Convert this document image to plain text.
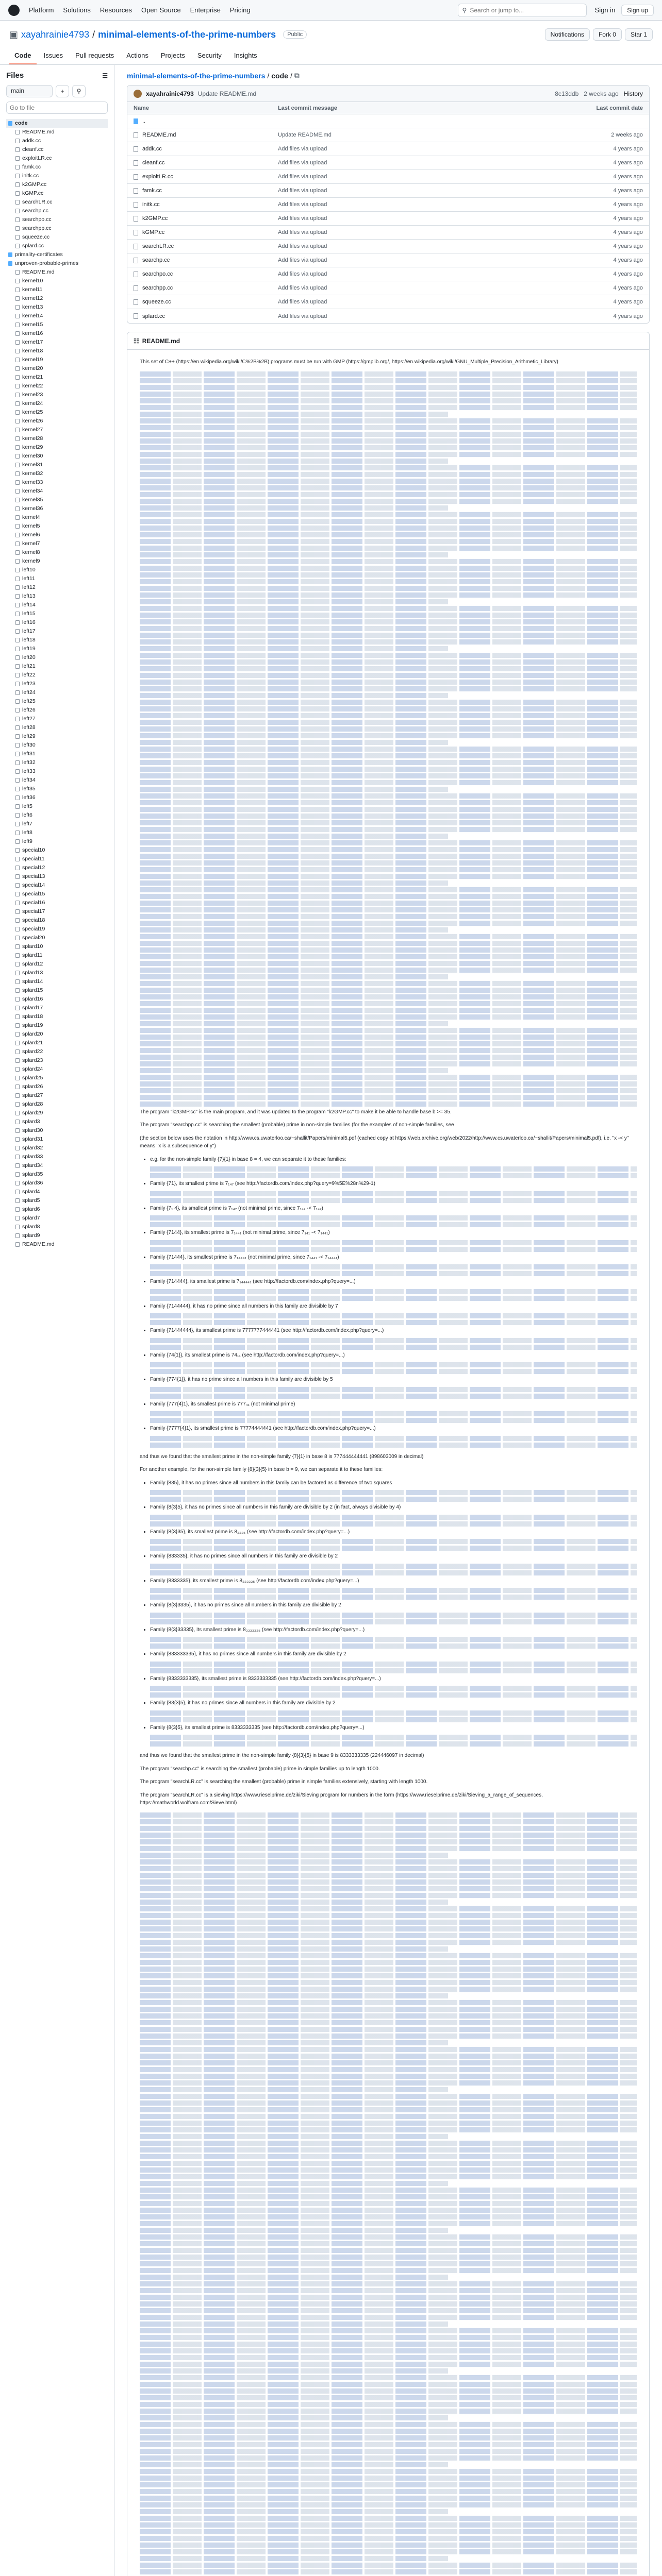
Platform Solutions Resources Open Source Enterprise Pricing	⚲
Search or jump to...	Sign in	Sign up
▣ xayahrainie4793 / minimal-elements-of-the-prime-numbers	Public	Notifications	Fork 0	Star 1
Code	Issues	Pull requests	Actions	Projects	Security	Insights
Files	☰
main	+	⚲
Go to file
code
README.md
addk.cc
cleanf.cc
exploitLR.cc
famk.cc
initk.cc
k2GMP.cc
kGMP.cc
searchLR.cc
searchp.cc
searchpo.cc
searchpp.cc
squeeze.cc
splard.cc
primality-certificates
unproven-probable-primes
README.md
kernel10
kernel11
kernel12
kernel13
kernel14
kernel15
kernel16
kernel17
kernel18
kernel19
kernel20
kernel21
kernel22
kernel23
kernel24
kernel25
kernel26
kernel27
kernel28
kernel29
kernel30
kernel31
kernel32
kernel33
kernel34
kernel35
kernel36
kernel4
kernel5
kernel6
kernel7
kernel8
kernel9
left10
left11
left12
left13
left14
left15
left16
left17
left18
left19
left20
left21
left22
left23
left24
left25
left26
left27
left28
left29
left30
left31
left32
left33
left34
left35
left36
left5
left6
left7
left8
left9
special10
special11
special12
special13
special14
special15
special16
special17
special18
special19
special20
splard10
splard11
splard12
splard13
splard14
splard15
splard16
splard17
splard18
splard19
splard20
splard21
splard22
splard23
splard24
splard25
splard26
splard27
splard28
splard29
splard3
splard30
splard31
splard32
splard33
splard34
splard35
splard36
splard4
splard5
splard6
splard7
splard8
splard9
README.md
minimal-elements-of-the-prime-numbers / code / ⧉
xayahrainie4793 Update README.md	8c13ddb 2 weeks ago History
Name	Last commit message	Last commit date
..
README.md	Update README.md	2 weeks ago
addk.cc	Add files via upload	4 years ago
cleanf.cc	Add files via upload	4 years ago
exploitLR.cc	Add files via upload	4 years ago
famk.cc	Add files via upload	4 years ago
initk.cc	Add files via upload	4 years ago
k2GMP.cc	Add files via upload	4 years ago
kGMP.cc	Add files via upload	4 years ago
searchLR.cc	Add files via upload	4 years ago
searchp.cc	Add files via upload	4 years ago
searchpo.cc	Add files via upload	4 years ago
searchpp.cc	Add files via upload	4 years ago
squeeze.cc	Add files via upload	4 years ago
splard.cc	Add files via upload	4 years ago
☷ README.md

This set of C++ (https://en.wikipedia.org/wiki/C%2B%2B) programs must be run with GMP (https://gmplib.org/, https://en.wikipedia.org/wiki/GNU_Multiple_Precision_Arithmetic_Library)

The program "k2GMP.cc" is the main program, and it was updated to the program "k2GMP.cc" to make it be able to handle base b >= 35.

The program "searchpp.cc" is searching the smallest (probable) prime in non-simple families (for the examples of non-simple families, see

(the section below uses the notation in http://www.cs.uwaterloo.ca/~shallit/Papers/minimal5.pdf (cached copy at https://web.archive.org/web/2022/http://www.cs.uwaterloo.ca/~shallit/Papers/minimal5.pdf), i.e. "x -< y" means "x is a subsequence of y")

• e.g. for the non-simple family {7}{1} in base 8 = 4, we can separate it to these families:
• Family {71}, its smallest prime is 7₁₄₇ (see http://factordb.com/index.php?query=9%5E%28n%29-1)
• Family {7₁ 4}, its smallest prime is 7₁₄₇ (not minimal prime, since 7₁₄₇ -< 7₁₄₇)
• Family {7144}, its smallest prime is 7₁₄₄₁ (not minimal prime, since 7₁₄₁ -< 7₁₄₄₁)
• Family {71444}, its smallest prime is 7₁₄₄₄₁ (not minimal prime, since 7₁₄₄₁ -< 7₁₄₄₄₁)
• Family {714444}, its smallest prime is 7₁₄₄₄₄₁ (see http://factordb.com/index.php?query=...)
• Family {7144444}, it has no prime since all numbers in this family are divisible by 7
• Family {71444444}, its smallest prime is 7777777444441 (see http://factordb.com/index.php?query=...)
• Family {74{1}}, its smallest prime is 74₁₁ (see http://factordb.com/index.php?query=...)
• Family {774{1}}, it has no prime since all numbers in this family are divisible by 5
• Family {777{4}1}, its smallest prime is 777₄₁ (not minimal prime)
• Family {7777{4}1}, its smallest prime is 77774444441 (see http://factordb.com/index.php?query=...)

and thus we found that the smallest prime in the non-simple family {7}{1} in base 8 is 777444444441 (898603009 in decimal)

For another example, for the non-simple family {8}{3}{5} in base b = 9, we can separate it to these families:

• Family {835}, it has no primes since all numbers in this family can be factored as difference of two squares
• Family {8{3}5}, it has no primes since all numbers in this family are divisible by 2 (in fact, always divisible by 4)
• Family {8{3}35}, its smallest prime is 8₃₃₃₅ (see http://factordb.com/index.php?query=...)
• Family {833335}, it has no primes since all numbers in this family are divisible by 2
• Family {8333335}, its smallest prime is 8₃₃₃₃₃₅ (see http://factordb.com/index.php?query=...)
• Family {8{3}3335}, it has no primes since all numbers in this family are divisible by 2
• Family {8{3}33335}, its smallest prime is 8₃₃₃₃₃₃₅ (see http://factordb.com/index.php?query=...)
• Family {833333335}, it has no primes since all numbers in this family are divisible by 2
• Family {8333333335}, its smallest prime is 8333333335 (see http://factordb.com/index.php?query=...)
• Family {83{3}5}, it has no primes since all numbers in this family are divisible by 2
• Family {8{3}5}, its smallest prime is 8333333335 (see http://factordb.com/index.php?query=...)

and thus we found that the smallest prime in the non-simple family {8}{3}{5} in base 9 is 8333333335 (224446097 in decimal)

The program "searchp.cc" is searching the smallest (probable) prime in simple families up to length 1000.

The program "searchLR.cc" is searching the smallest (probable) prime in simple families extensively, starting with length 1000.

The program "searchLR.cc" is a sieving https://www.rieselprime.de/ziki/Sieving program for numbers in the form (https://www.rieselprime.de/ziki/Sieving_a_range_of_sequences, https://mathworld.wolfram.com/Sieve.html)
